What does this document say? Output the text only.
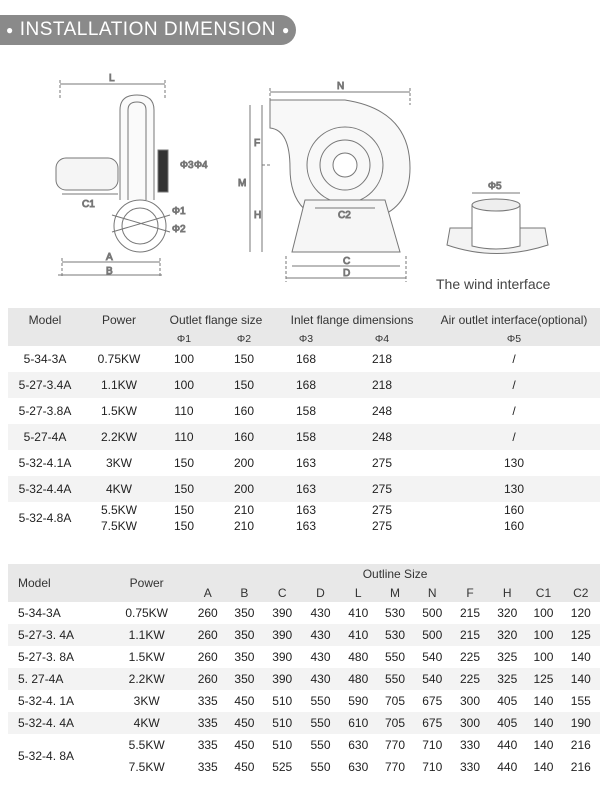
● INSTALLATION DIMENSION ●
C1
Φ1
Φ2
A
B
L
Φ3 Φ4
N
C2
F
M
H
C
D
Φ5
The wind interface
Model	Power	Outlet flange size		Inlet flange dimensions		Air outlet interface(optional)
		Φ1	Φ2	Φ3	Φ4	Φ5
5-34-3A	0.75KW	100	150	168	218	/
5-27-3.4A	1.1KW	100	150	168	218	/
5-27-3.8A	1.5KW	110	160	158	248	/
5-27-4A	2.2KW	110	160	158	248	/
5-32-4.1A	3KW	150	200	163	275	130
5-32-4.4A	4KW	150	200	163	275	130
5-32-4.8A	5.5KW	150	210	163	275	160
	7.5KW	150	210	163	275	160
Model	Power	Outline Size										
		A	B	C	D	L	M	N	F	H	C1	C2
5-34-3A	0.75KW	260	350	390	430	410	530	500	215	320	100	120
5-27-3. 4A	1.1KW	260	350	390	430	410	530	500	215	320	100	125
5-27-3. 8A	1.5KW	260	350	390	430	480	550	540	225	325	100	140
5. 27-4A	2.2KW	260	350	390	430	480	550	540	225	325	125	140
5-32-4. 1A	3KW	335	450	510	550	590	705	675	300	405	140	155
5-32-4. 4A	4KW	335	450	510	550	610	705	675	300	405	140	190
5-32-4. 8A	5.5KW	335	450	510	550	630	770	710	330	440	140	216
	7.5KW	335	450	525	550	630	770	710	330	440	140	216
